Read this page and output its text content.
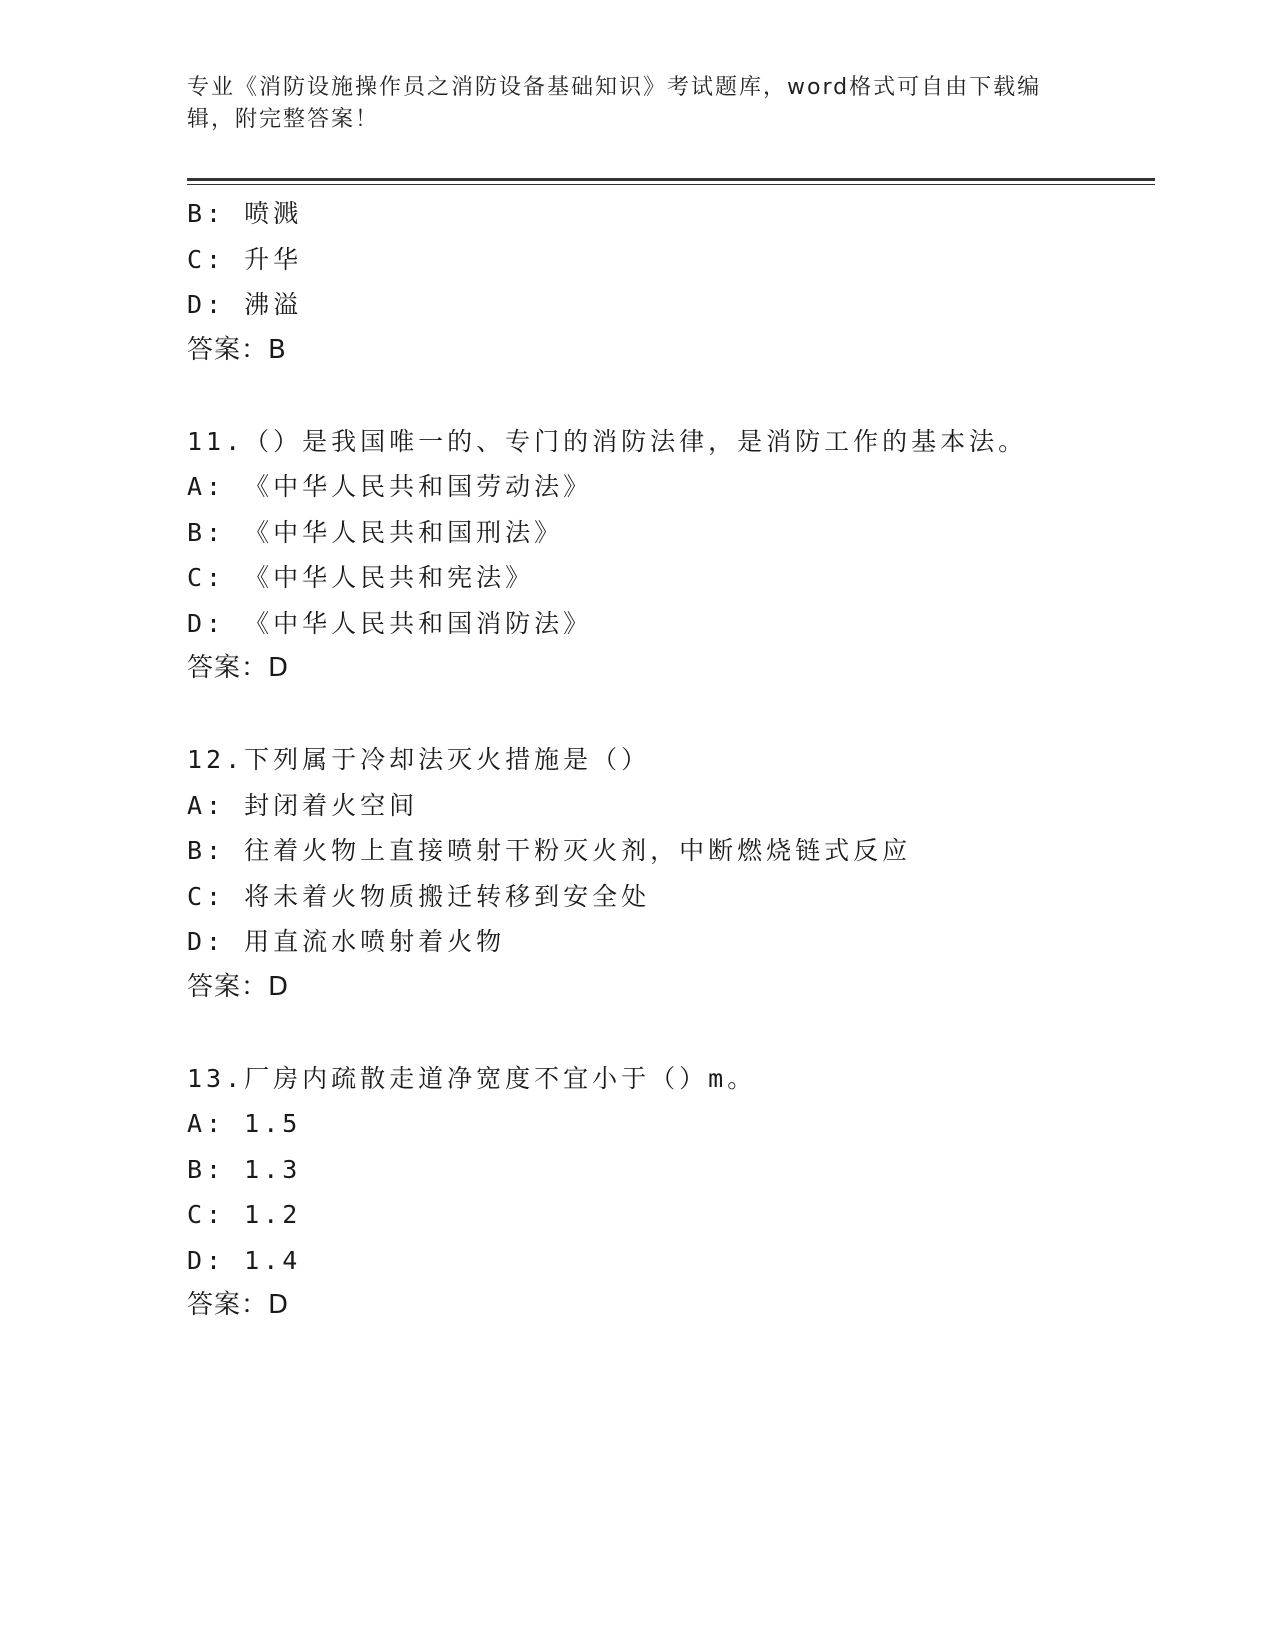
专业《消防设施操作员之消防设备基础知识》考试题库，word格式可自由下载编
辑，附完整答案！
B: 喷溅
C: 升华
D: 沸溢
答案：B
11.（）是我国唯一的、专门的消防法律，是消防工作的基本法。
A: 《中华人民共和国劳动法》
B: 《中华人民共和国刑法》
C: 《中华人民共和宪法》
D: 《中华人民共和国消防法》
答案：D
12.下列属于冷却法灭火措施是（）
A: 封闭着火空间
B: 往着火物上直接喷射干粉灭火剂，中断燃烧链式反应
C: 将未着火物质搬迁转移到安全处
D: 用直流水喷射着火物
答案：D
13.厂房内疏散走道净宽度不宜小于（）m。
A: 1.5
B: 1.3
C: 1.2
D: 1.4
答案：D
